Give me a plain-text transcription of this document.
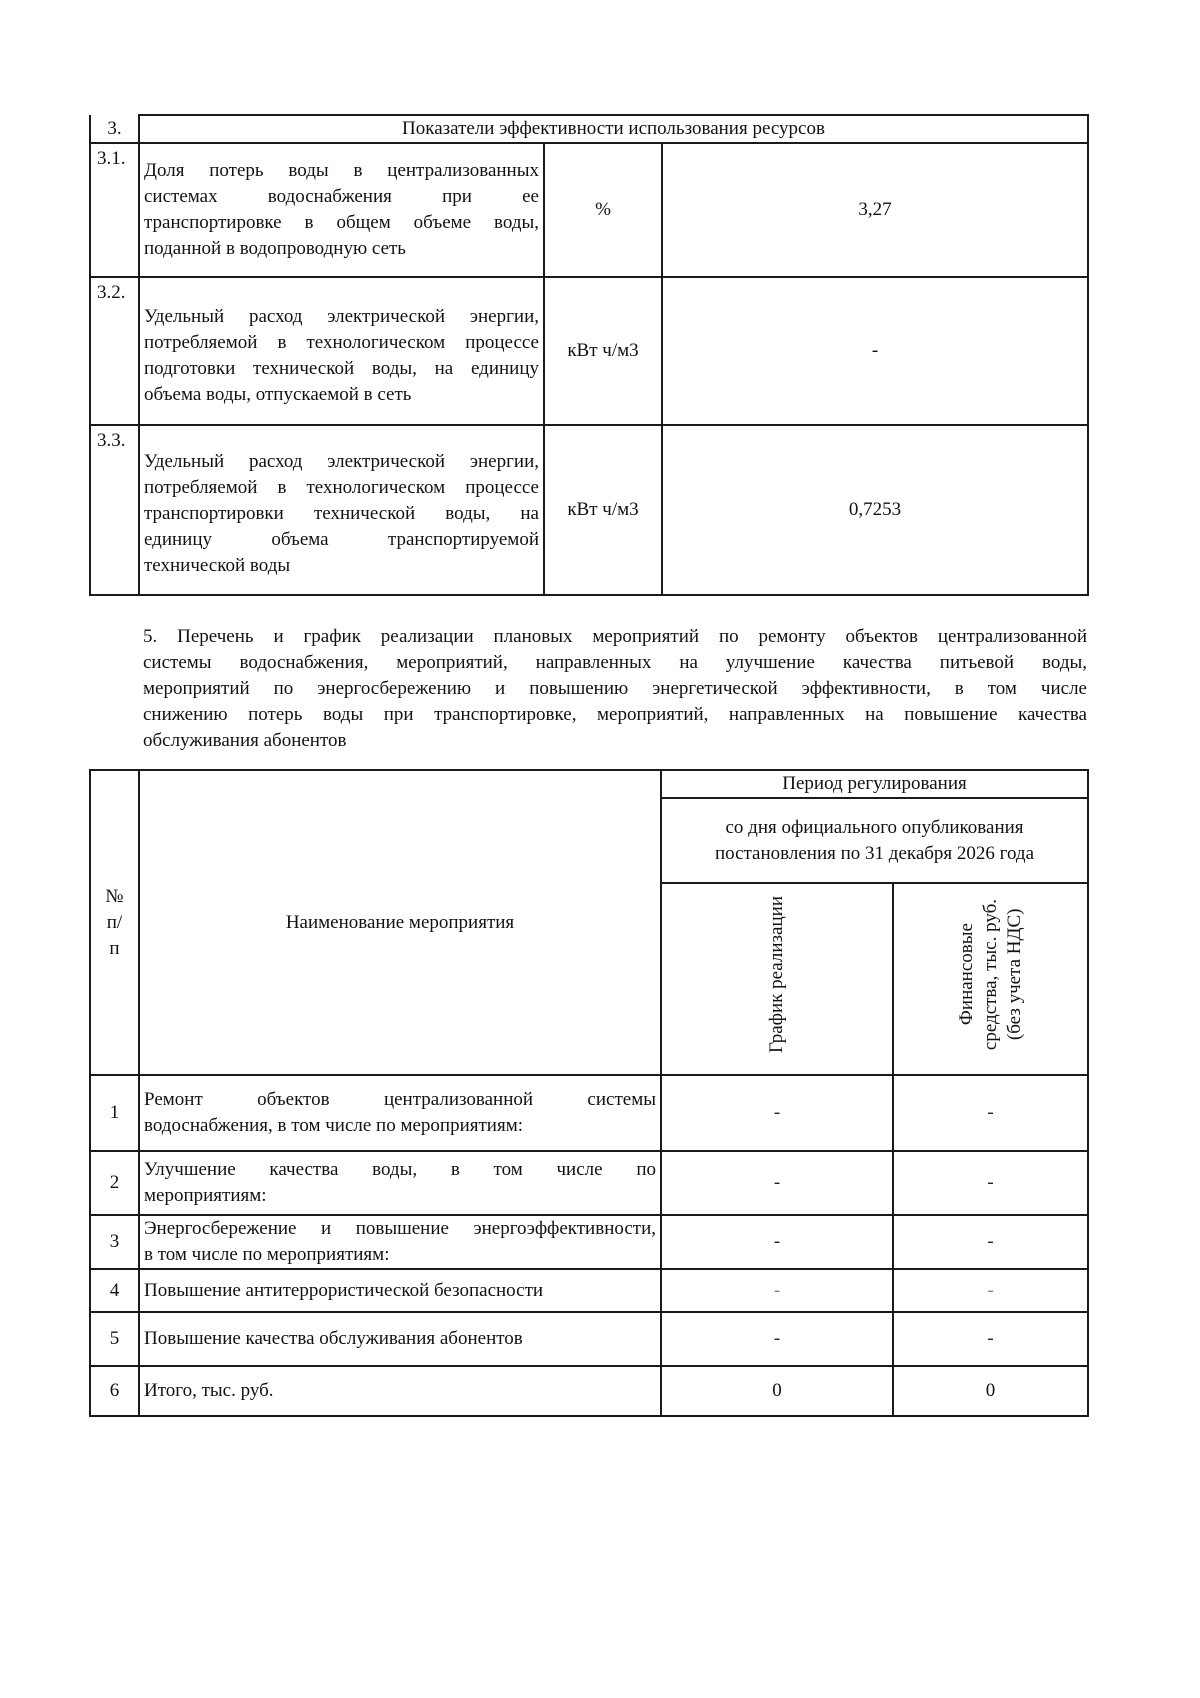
3.	Показатели эффективности использования ресурсов		
3.1.	Доля потерь воды в централизованных
системах водоснабжения при ее
транспортировке в общем объеме воды,
поданной в водопроводную сеть	%	3,27
3.2.	Удельный расход электрической энергии,
потребляемой в технологическом процессе
подготовки технической воды, на единицу
объема воды, отпускаемой в сеть	кВт ч/м3	-
3.3.	Удельный расход электрической энергии,
потребляемой в технологическом процессе
транспортировки технической воды, на
единицу объема транспортируемой
технической воды	кВт ч/м3	0,7253
5. Перечень и график реализации плановых мероприятий по ремонту объектов централизованной
системы водоснабжения, мероприятий, направленных на улучшение качества питьевой воды,
мероприятий по энергосбережению и повышению энергетической эффективности, в том числе
снижению потерь воды при транспортировке, мероприятий, направленных на повышение качества
обслуживания абонентов
№ п/п	Наименование мероприятия	Период регулирования	
		со дня официального опубликования постановления по 31 декабря 2026 года	
		График реализации	Финансовые средства, тыс. руб. (без учета НДС)

1	Ремонт объектов централизованной системы
водоснабжения, в том числе по мероприятиям:	-	-
2	Улучшение качества воды, в том числе по
мероприятиям:	-	-
3	Энергосбережение и повышение энергоэффективности,
в том числе по мероприятиям:	-	-
4	Повышение антитеррористической безопасности	-	-
5	Повышение качества обслуживания абонентов	-	-
6	Итого, тыс. руб.	0	0
